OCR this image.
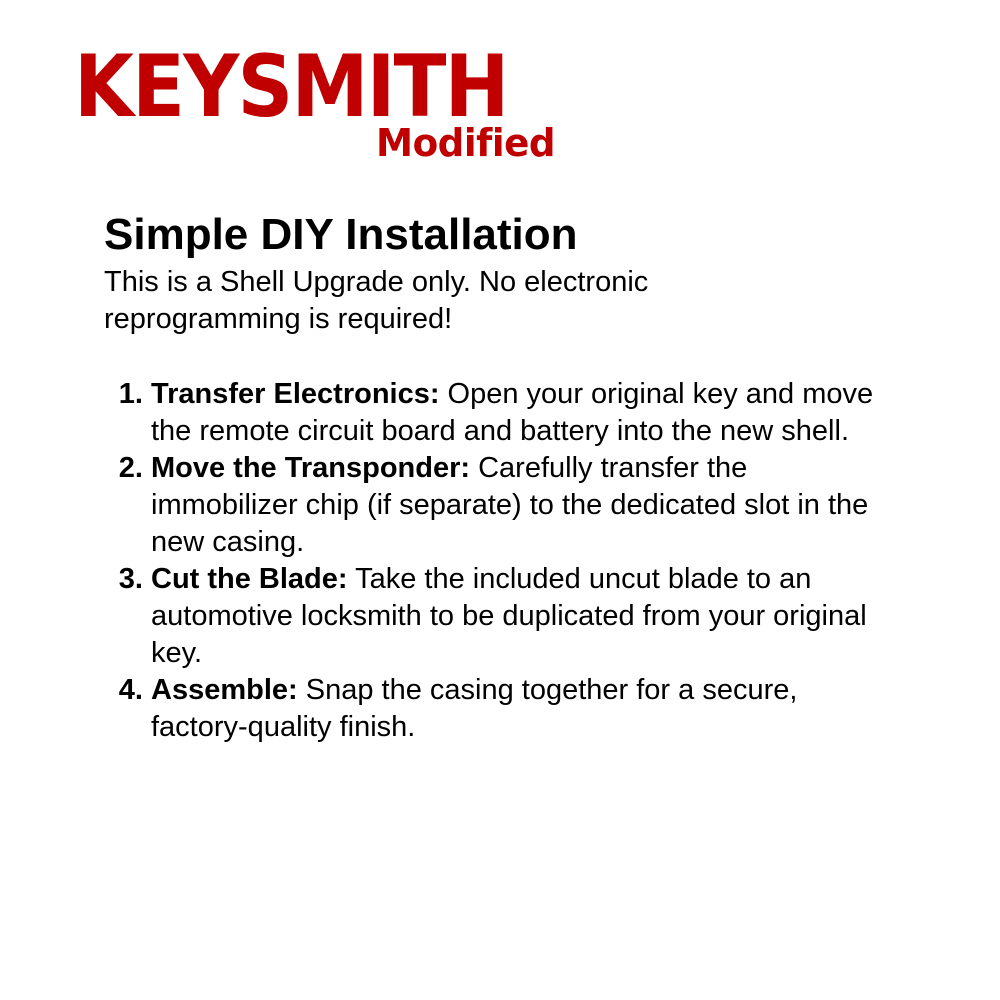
KEYSMITH
Modified
Simple DIY Installation

This is a Shell Upgrade only. No electronic reprogramming is required!

1. Transfer Electronics: Open your original key and move the remote circuit board and battery into the new shell.
2. Move the Transponder: Carefully transfer the immobilizer chip (if separate) to the dedicated slot in the new casing.
3. Cut the Blade: Take the included uncut blade to an automotive locksmith to be duplicated from your original key.
4. Assemble: Snap the casing together for a secure, factory-quality finish.
